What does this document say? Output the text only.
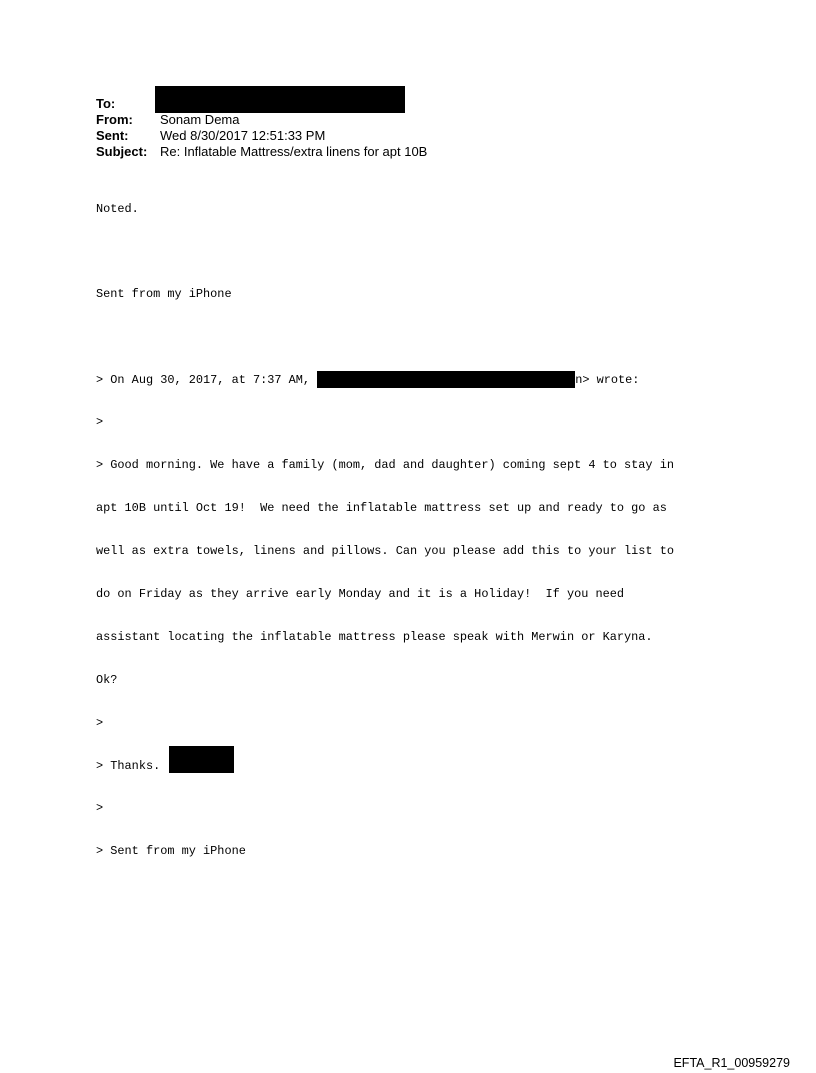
To:
From: Sonam Dema
Sent: Wed 8/30/2017 12:51:33 PM
Subject: Re: Inflatable Mattress/extra linens for apt 10B

Noted.

Sent from my iPhone

> On Aug 30, 2017, at 7:37 AM,	n> wrote:

>

> Good morning. We have a family (mom, dad and daughter) coming sept 4 to stay in

apt 10B until Oct 19!  We need the inflatable mattress set up and ready to go as

well as extra towels, linens and pillows. Can you please add this to your list to

do on Friday as they arrive early Monday and it is a Holiday!  If you need

assistant locating the inflatable mattress please speak with Merwin or Karyna.

Ok?

>

> Thanks.

>

> Sent from my iPhone

EFTA_R1_00959279
